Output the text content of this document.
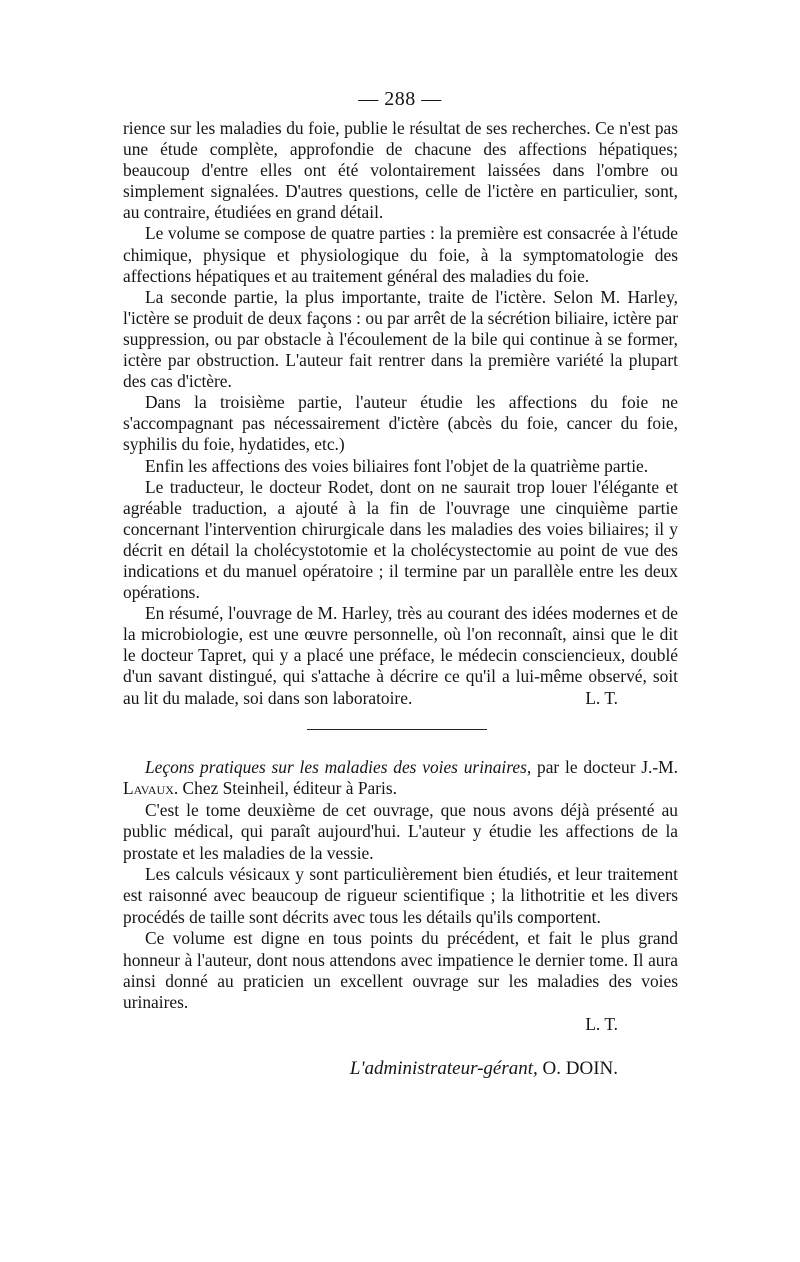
— 288 —

rience sur les maladies du foie, publie le résultat de ses recherches. Ce n'est pas une étude complète, approfondie de chacune des affections hépatiques; beaucoup d'entre elles ont été volontairement laissées dans l'ombre ou simplement signalées. D'autres questions, celle de l'ictère en particulier, sont, au contraire, étudiées en grand détail.

Le volume se compose de quatre parties : la première est consacrée à l'étude chimique, physique et physiologique du foie, à la symptomatologie des affections hépatiques et au traitement général des maladies du foie.

La seconde partie, la plus importante, traite de l'ictère. Selon M. Harley, l'ictère se produit de deux façons : ou par arrêt de la sécrétion biliaire, ictère par suppression, ou par obstacle à l'écoulement de la bile qui continue à se former, ictère par obstruction. L'auteur fait rentrer dans la première variété la plupart des cas d'ictère.

Dans la troisième partie, l'auteur étudie les affections du foie ne s'accompagnant pas nécessairement d'ictère (abcès du foie, cancer du foie, syphilis du foie, hydatides, etc.)

Enfin les affections des voies biliaires font l'objet de la quatrième partie.

Le traducteur, le docteur Rodet, dont on ne saurait trop louer l'élégante et agréable traduction, a ajouté à la fin de l'ouvrage une cinquième partie concernant l'intervention chirurgicale dans les maladies des voies biliaires; il y décrit en détail la cholécystotomie et la cholécystectomie au point de vue des indications et du manuel opératoire ; il termine par un parallèle entre les deux opérations.

En résumé, l'ouvrage de M. Harley, très au courant des idées modernes et de la microbiologie, est une œuvre personnelle, où l'on reconnaît, ainsi que le dit le docteur Tapret, qui y a placé une préface, le médecin consciencieux, doublé d'un savant distingué, qui s'attache à décrire ce qu'il a lui-même observé, soit au lit du malade, soi dans son laboratoire.	L. T.

Leçons pratiques sur les maladies des voies urinaires, par le docteur J.-M. Lavaux. Chez Steinheil, éditeur à Paris.

C'est le tome deuxième de cet ouvrage, que nous avons déjà présenté au public médical, qui paraît aujourd'hui. L'auteur y étudie les affections de la prostate et les maladies de la vessie.

Les calculs vésicaux y sont particulièrement bien étudiés, et leur traitement est raisonné avec beaucoup de rigueur scientifique ; la lithotritie et les divers procédés de taille sont décrits avec tous les détails qu'ils comportent.

Ce volume est digne en tous points du précédent, et fait le plus grand honneur à l'auteur, dont nous attendons avec impatience le dernier tome. Il aura ainsi donné au praticien un excellent ouvrage sur les maladies des voies urinaires.

L. T.

L'administrateur-gérant, O. DOIN.
